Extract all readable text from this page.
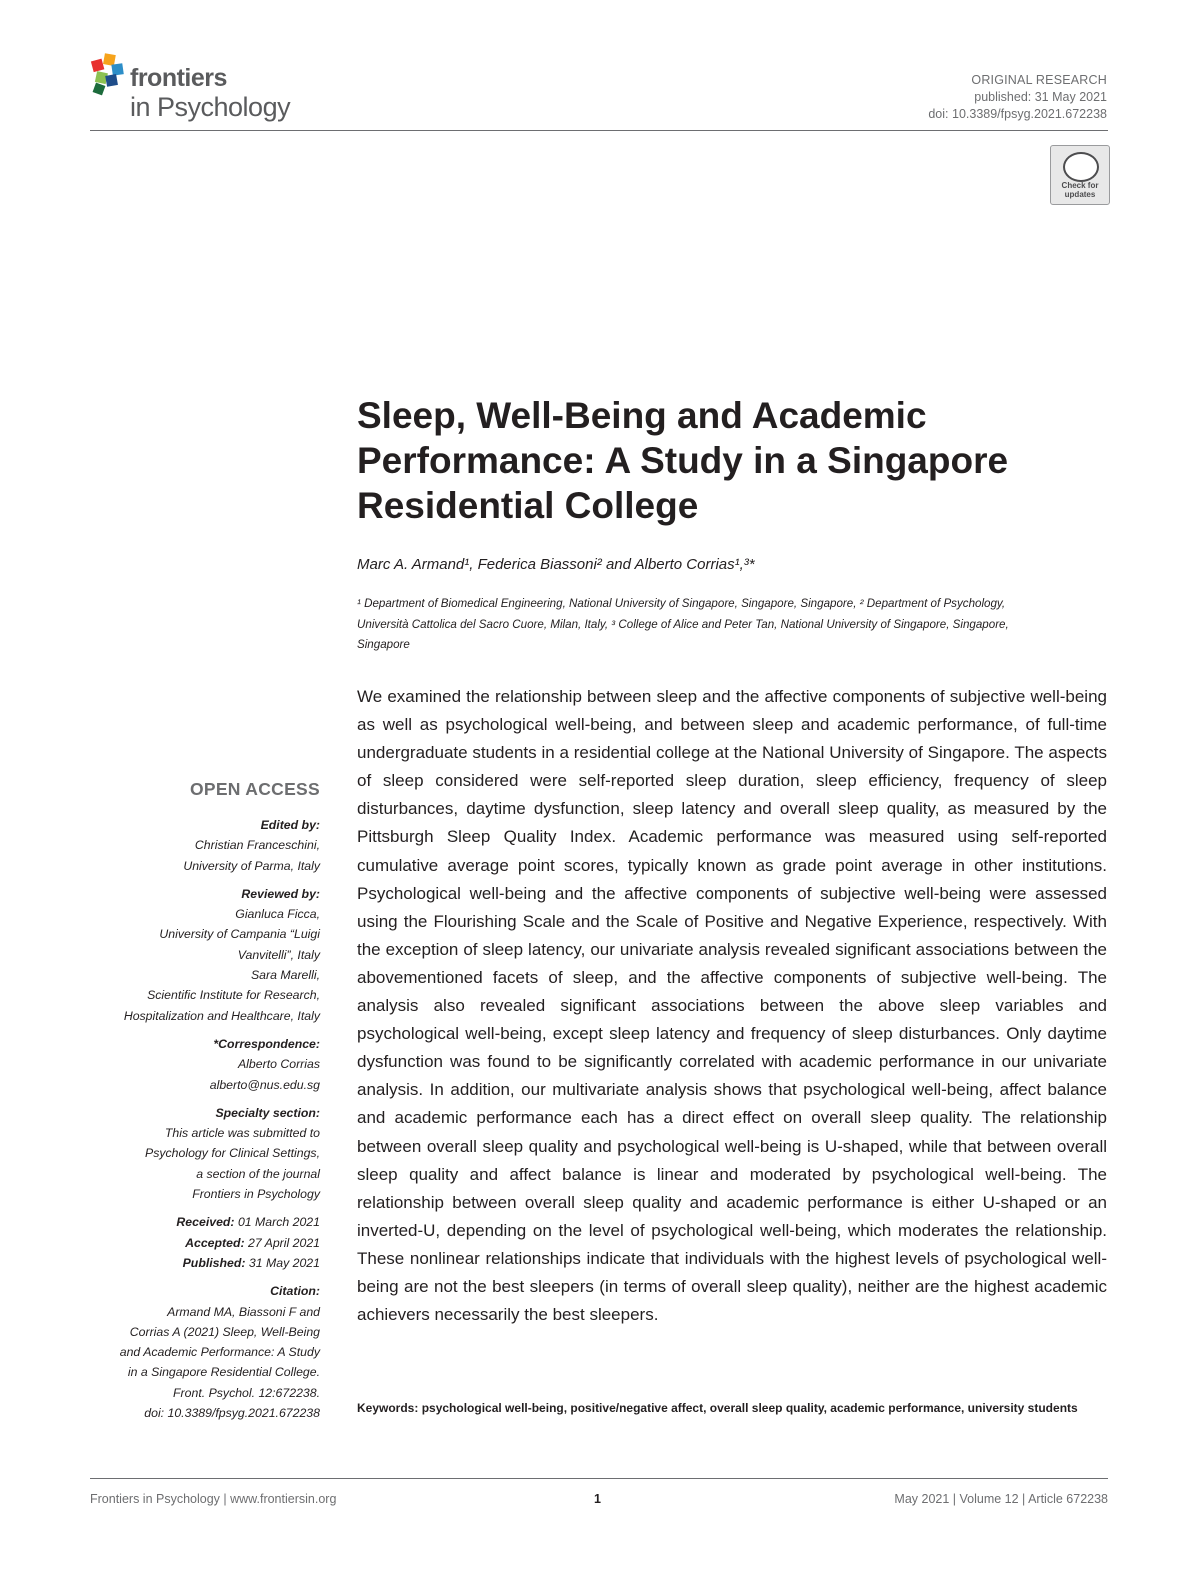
frontiers
in Psychology
ORIGINAL RESEARCH
published: 31 May 2021
doi: 10.3389/fpsyg.2021.672238
Check for updates
Sleep, Well-Being and Academic Performance: A Study in a Singapore Residential College
Marc A. Armand¹, Federica Biassoni² and Alberto Corrias¹,³*
¹ Department of Biomedical Engineering, National University of Singapore, Singapore, Singapore, ² Department of Psychology, Università Cattolica del Sacro Cuore, Milan, Italy, ³ College of Alice and Peter Tan, National University of Singapore, Singapore, Singapore

We examined the relationship between sleep and the affective components of subjective well-being as well as psychological well-being, and between sleep and academic performance, of full-time undergraduate students in a residential college at the National University of Singapore. The aspects of sleep considered were self-reported sleep duration, sleep efficiency, frequency of sleep disturbances, daytime dysfunction, sleep latency and overall sleep quality, as measured by the Pittsburgh Sleep Quality Index. Academic performance was measured using self-reported cumulative average point scores, typically known as grade point average in other institutions. Psychological well-being and the affective components of subjective well-being were assessed using the Flourishing Scale and the Scale of Positive and Negative Experience, respectively. With the exception of sleep latency, our univariate analysis revealed significant associations between the abovementioned facets of sleep, and the affective components of subjective well-being. The analysis also revealed significant associations between the above sleep variables and psychological well-being, except sleep latency and frequency of sleep disturbances. Only daytime dysfunction was found to be significantly correlated with academic performance in our univariate analysis. In addition, our multivariate analysis shows that psychological well-being, affect balance and academic performance each has a direct effect on overall sleep quality. The relationship between overall sleep quality and psychological well-being is U-shaped, while that between overall sleep quality and affect balance is linear and moderated by psychological well-being. The relationship between overall sleep quality and academic performance is either U-shaped or an inverted-U, depending on the level of psychological well-being, which moderates the relationship. These nonlinear relationships indicate that individuals with the highest levels of psychological well-being are not the best sleepers (in terms of overall sleep quality), neither are the highest academic achievers necessarily the best sleepers.

Keywords: psychological well-being, positive/negative affect, overall sleep quality, academic performance, university students
OPEN ACCESS
Edited by:
Christian Franceschini,
University of Parma, Italy
Reviewed by:
Gianluca Ficca,
University of Campania “Luigi
Vanvitelli”, Italy
Sara Marelli,
Scientific Institute for Research,
Hospitalization and Healthcare, Italy
*Correspondence:
Alberto Corrias
alberto@nus.edu.sg
Specialty section:
This article was submitted to
Psychology for Clinical Settings,
a section of the journal
Frontiers in Psychology
Received: 01 March 2021
Accepted: 27 April 2021
Published: 31 May 2021
Citation:
Armand MA, Biassoni F and
Corrias A (2021) Sleep, Well-Being
and Academic Performance: A Study
in a Singapore Residential College.
Front. Psychol. 12:672238.
doi: 10.3389/fpsyg.2021.672238
Frontiers in Psychology | www.frontiersin.org	1	May 2021 | Volume 12 | Article 672238
